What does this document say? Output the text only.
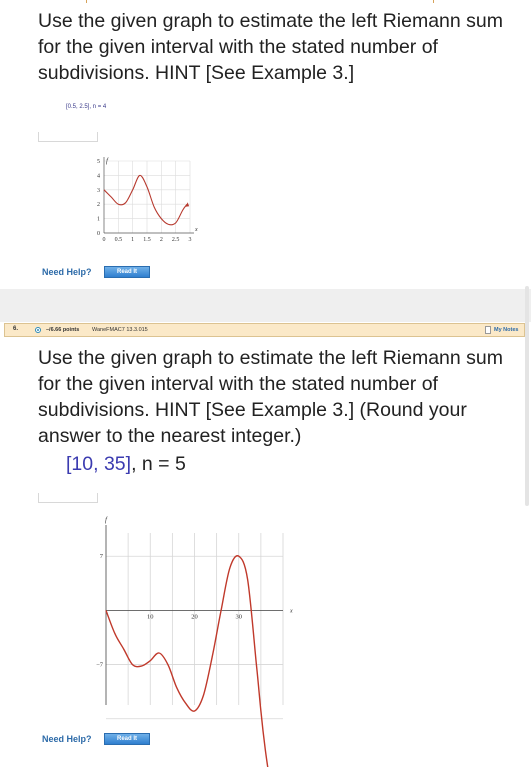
Use the given graph to estimate the left Riemann sum for the given interval with the stated number of subdivisions. HINT [See Example 3.]
[0.5, 2.5], n = 4
0 0.5 1 1.5 2 2.5 3
0
1
2
3
4
5
x
f
Need Help?	Read It
6.	–/6.66 points WaneFMAC7 13.3.015	My Notes
Use the given graph to estimate the left Riemann sum for the given interval with the stated number of subdivisions. HINT [See Example 3.] (Round your answer to the nearest integer.)
[10, 35], n = 5
x
f
10	20	30
7
−7
Need Help?	Read It
